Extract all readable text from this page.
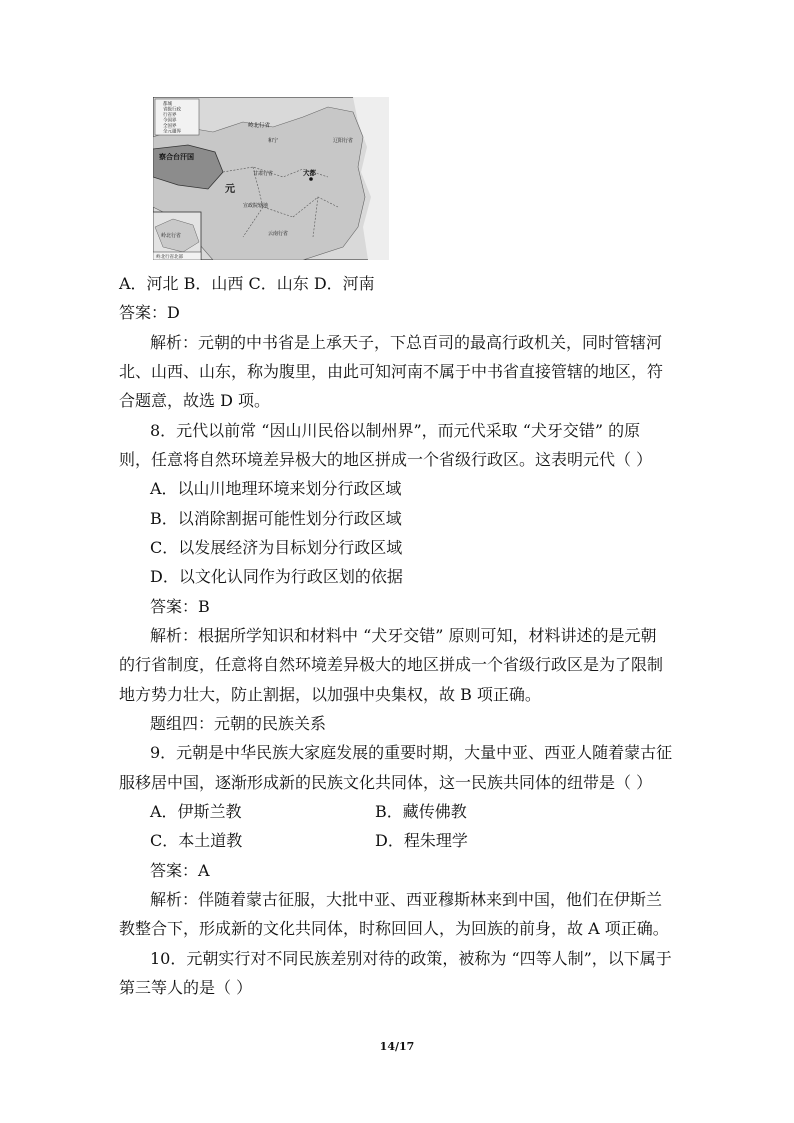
都城
省级行政
行省界
今国界
全国界
全元疆界
察合台汗国
元
岭北行省
辽阳行省
甘肃行省
宣政院辖地
大都
和宁
云南行省
岭北行省
岭北行省北部
A．河北 B．山西 C．山东 D．河南
答案：D
解析：元朝的中书省是上承天子，下总百司的最高行政机关，同时管辖河
北、山西、山东，称为腹里，由此可知河南不属于中书省直接管辖的地区，符
合题意，故选 D 项。
8．元代以前常 “因山川民俗以制州界”，而元代采取 “犬牙交错” 的原
则，任意将自然环境差异极大的地区拼成一个省级行政区。这表明元代（ ）
A．以山川地理环境来划分行政区域
B．以消除割据可能性划分行政区域
C．以发展经济为目标划分行政区域
D．以文化认同作为行政区划的依据
答案：B
解析：根据所学知识和材料中 “犬牙交错” 原则可知，材料讲述的是元朝
的行省制度，任意将自然环境差异极大的地区拼成一个省级行政区是为了限制
地方势力壮大，防止割据，以加强中央集权，故 B 项正确。
题组四：元朝的民族关系
9．元朝是中华民族大家庭发展的重要时期，大量中亚、西亚人随着蒙古征
服移居中国，逐渐形成新的民族文化共同体，这一民族共同体的纽带是（ ）
A．伊斯兰教	B．藏传佛教
C．本土道教	D．程朱理学
答案：A
解析：伴随着蒙古征服，大批中亚、西亚穆斯林来到中国，他们在伊斯兰
教整合下，形成新的文化共同体，时称回回人，为回族的前身，故 A 项正确。
10．元朝实行对不同民族差别对待的政策，被称为 “四等人制”，以下属于
第三等人的是（ ）
14/17
